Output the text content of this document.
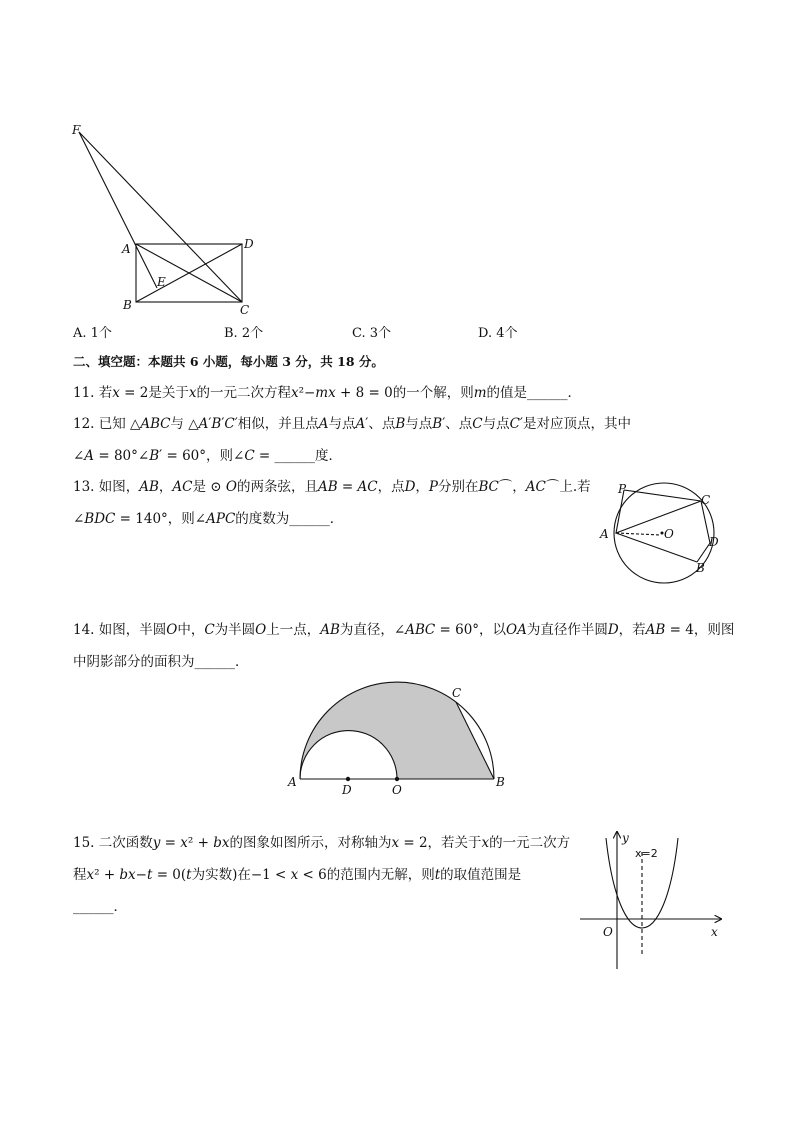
F
A	D
E
B	C
A. 1个	B. 2个	C. 3个	D. 4个
二、填空题：本题共 6 小题，每小题 3 分，共 18 分。
11. 若𝑥 = 2是关于𝑥的一元二次方程𝑥²−𝑚𝑥 + 8 = 0的一个解，则𝑚的值是______．
12. 已知 △𝐴𝐵𝐶与 △𝐴′𝐵′𝐶′相似，并且点𝐴与点𝐴′、点𝐵与点𝐵′、点𝐶与点𝐶′是对应顶点，其中
∠𝐴 = 80°∠𝐵′ = 60°，则∠𝐶 = ______度．
13. 如图，𝐴𝐵，𝐴𝐶是 ⊙ 𝑂的两条弦，且𝐴𝐵 = 𝐴𝐶，点𝐷，𝑃分别在𝐵𝐶⌒，𝐴𝐶⌒上.若
∠𝐵𝐷𝐶 = 140°，则∠𝐴𝑃𝐶的度数为______．
P
C
A	O
D
B
14. 如图，半圆𝑂中，𝐶为半圆𝑂上一点，𝐴𝐵为直径，∠𝐴𝐵𝐶 = 60°，以𝑂𝐴为直径作半圆𝐷，若𝐴𝐵 = 4，则图
中阴影部分的面积为______．
A
D	O
B
C
15. 二次函数𝑦 = 𝑥² + 𝑏𝑥的图象如图所示，对称轴为𝑥 = 2，若关于𝑥的一元二次方
程𝑥² + 𝑏𝑥−𝑡 = 0(𝑡为实数)在−1 < 𝑥 < 6的范围内无解，则𝑡的取值范围是
______．
y
x
O
x=2
